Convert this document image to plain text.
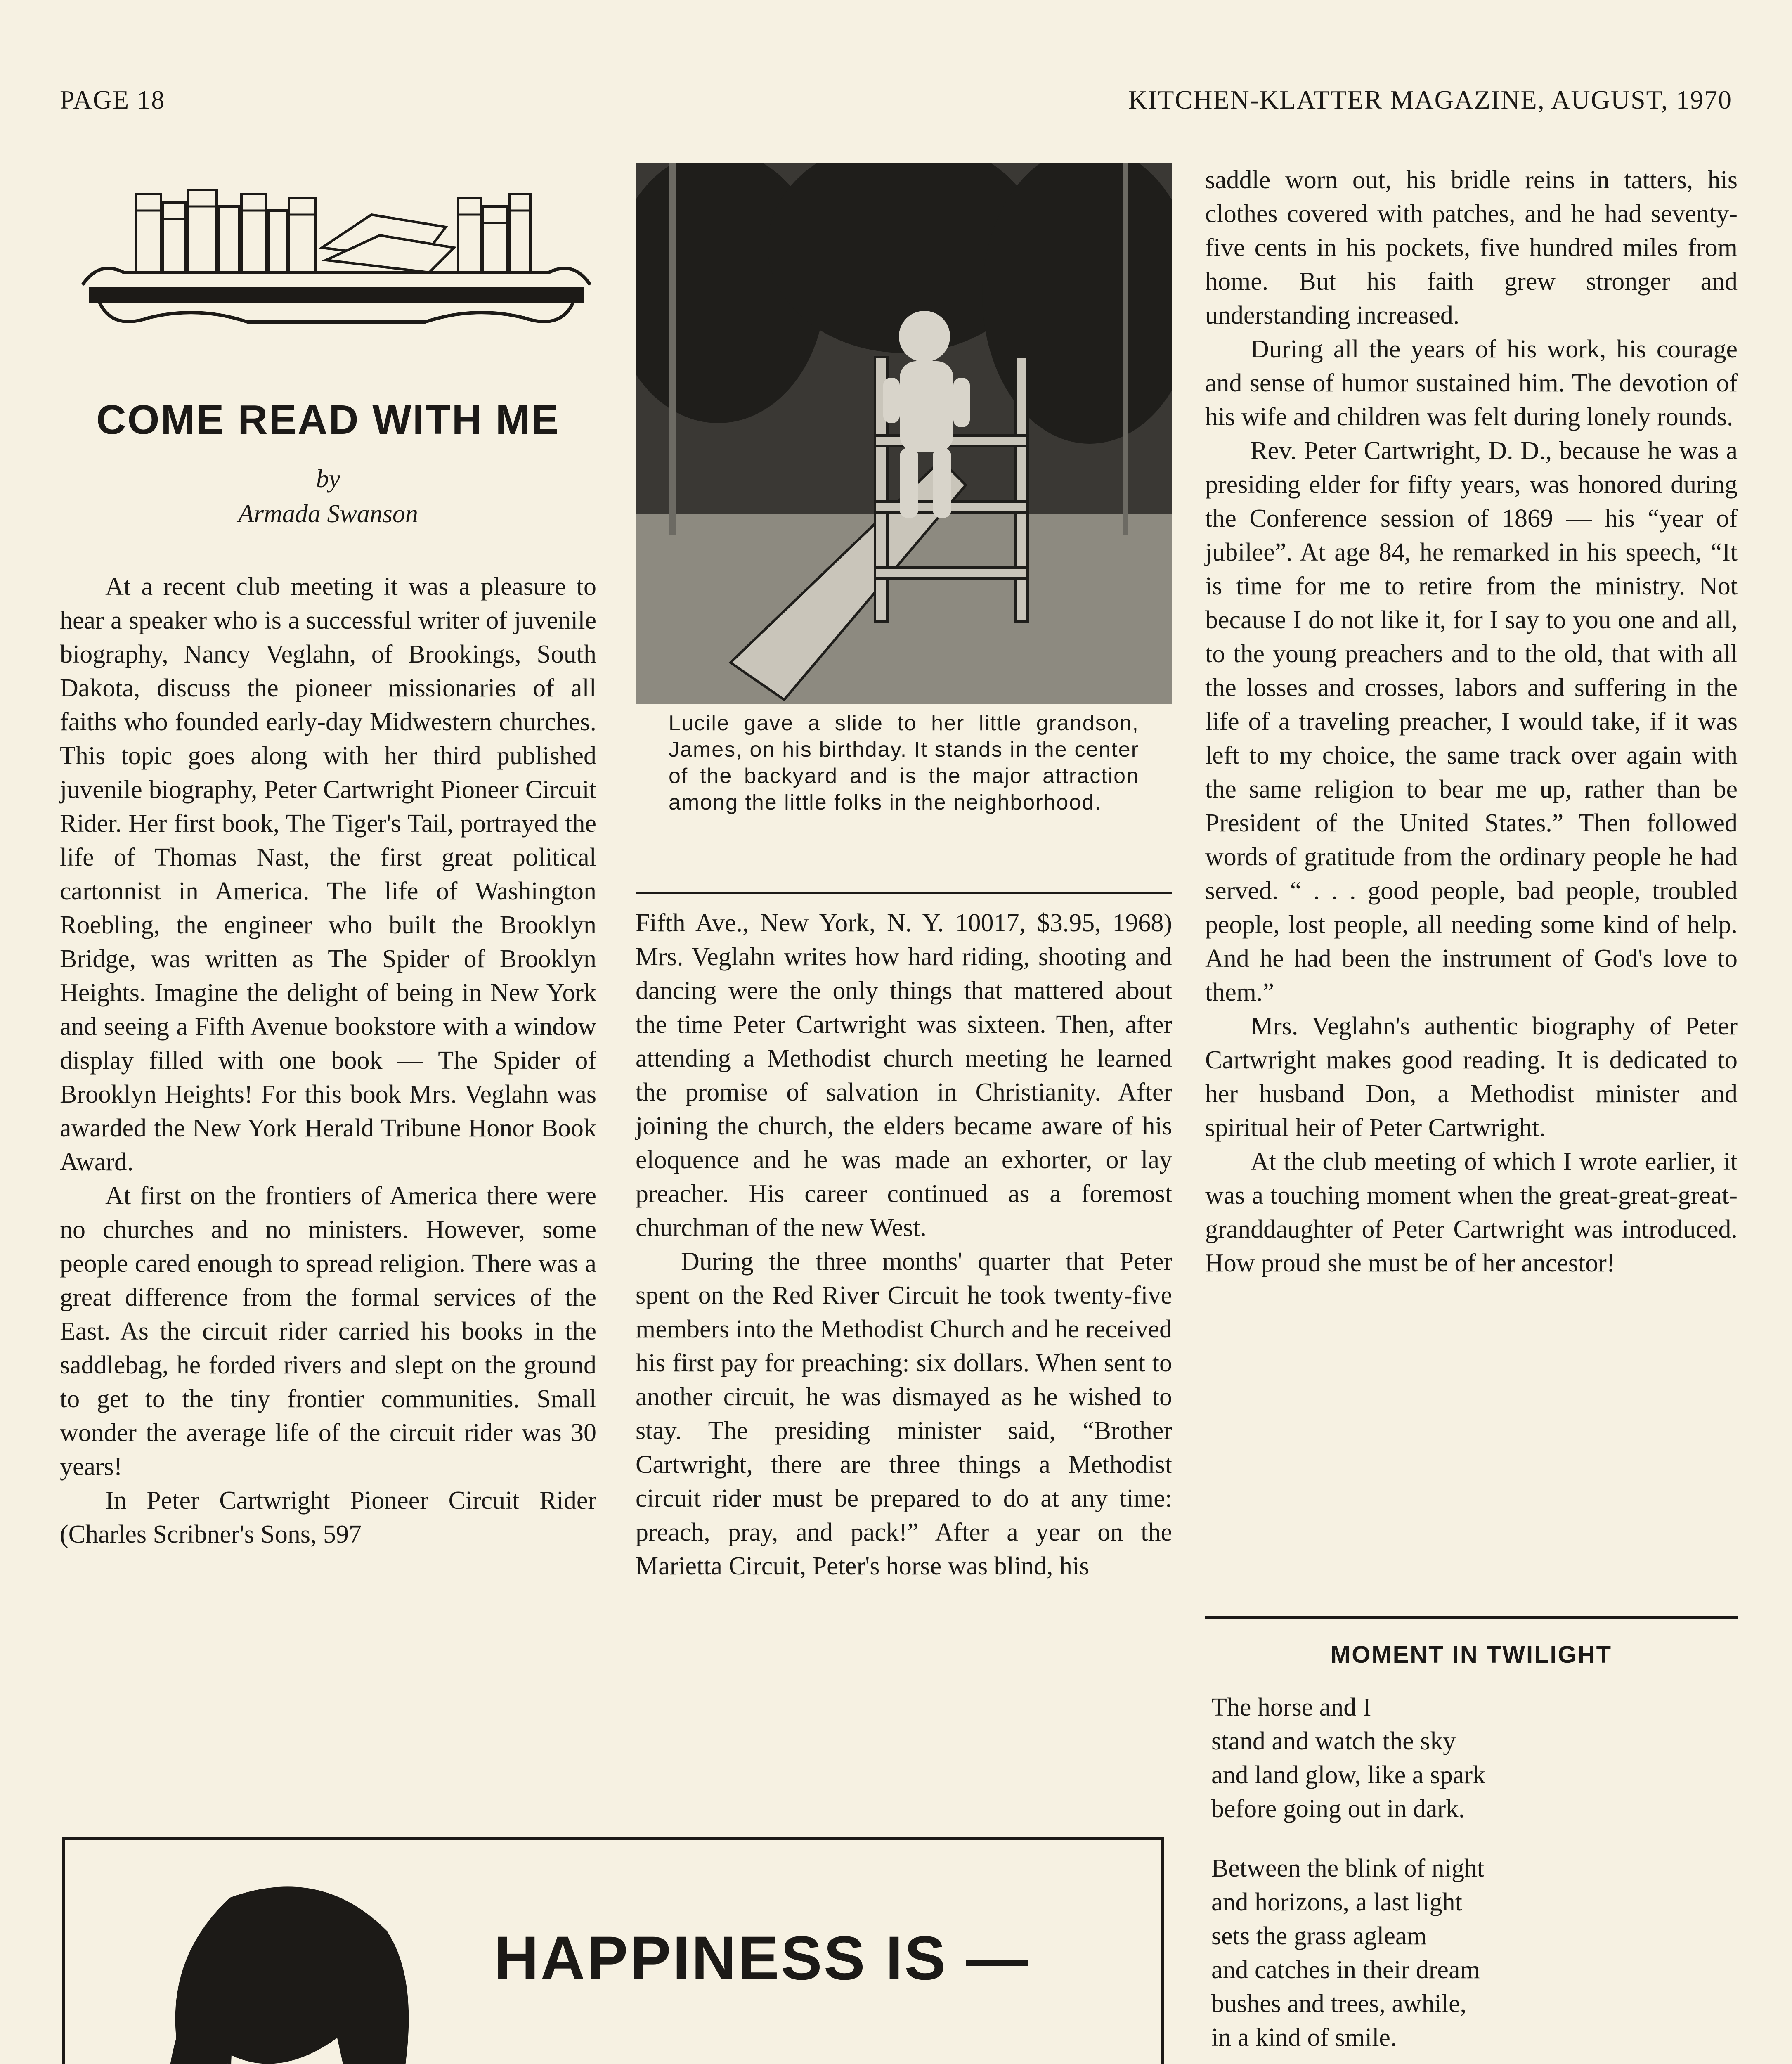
PAGE 18	KITCHEN-KLATTER MAGAZINE, AUGUST, 1970
COME READ WITH ME
by
Armada Swanson

At a recent club meeting it was a pleasure to hear a speaker who is a successful writer of juvenile biography, Nancy Veglahn, of Brookings, South Dakota, discuss the pioneer missionaries of all faiths who founded early-day Midwestern churches. This topic goes along with her third published juvenile biography, Peter Cartwright Pioneer Circuit Rider. Her first book, The Tiger's Tail, portrayed the life of Thomas Nast, the first great political cartonnist in America. The life of Washington Roebling, the engineer who built the Brooklyn Bridge, was written as The Spider of Brooklyn Heights. Imagine the delight of being in New York and seeing a Fifth Avenue bookstore with a window display filled with one book — The Spider of Brooklyn Heights! For this book Mrs. Veglahn was awarded the New York Herald Tribune Honor Book Award.

At first on the frontiers of America there were no churches and no ministers. However, some people cared enough to spread religion. There was a great difference from the formal services of the East. As the circuit rider carried his books in the saddlebag, he forded rivers and slept on the ground to get to the tiny frontier communities. Small wonder the average life of the circuit rider was 30 years!

In Peter Cartwright Pioneer Circuit Rider (Charles Scribner's Sons, 597

Lucile gave a slide to her little grandson, James, on his birthday. It stands in the center of the backyard and is the major attraction among the little folks in the neighborhood.

Fifth Ave., New York, N. Y. 10017, $3.95, 1968) Mrs. Veglahn writes how hard riding, shooting and dancing were the only things that mattered about the time Peter Cartwright was sixteen. Then, after attending a Methodist church meeting he learned the promise of salvation in Christianity. After joining the church, the elders became aware of his eloquence and he was made an exhorter, or lay preacher. His career continued as a foremost churchman of the new West.

During the three months' quarter that Peter spent on the Red River Circuit he took twenty-five members into the Methodist Church and he received his first pay for preaching: six dollars. When sent to another circuit, he was dismayed as he wished to stay. The presiding minister said, “Brother Cartwright, there are three things a Methodist circuit rider must be prepared to do at any time: preach, pray, and pack!” After a year on the Marietta Circuit, Peter's horse was blind, his

saddle worn out, his bridle reins in tatters, his clothes covered with patches, and he had seventy-five cents in his pockets, five hundred miles from home. But his faith grew stronger and understanding increased.

During all the years of his work, his courage and sense of humor sustained him. The devotion of his wife and children was felt during lonely rounds.

Rev. Peter Cartwright, D. D., because he was a presiding elder for fifty years, was honored during the Conference session of 1869 — his “year of jubilee”. At age 84, he remarked in his speech, “It is time for me to retire from the ministry. Not because I do not like it, for I say to you one and all, to the young preachers and to the old, that with all the losses and crosses, labors and suffering in the life of a traveling preacher, I would take, if it was left to my choice, the same track over again with the same religion to bear me up, rather than be President of the United States.” Then followed words of gratitude from the ordinary people he had served. “ . . . good people, bad people, troubled people, lost people, all needing some kind of help. And he had been the instrument of God's love to them.”

Mrs. Veglahn's authentic biography of Peter Cartwright makes good reading. It is dedicated to her husband Don, a Methodist minister and spiritual heir of Peter Cartwright.

At the club meeting of which I wrote earlier, it was a touching moment when the great-great-great-granddaughter of Peter Cartwright was introduced. How proud she must be of her ancestor!

MOMENT IN TWILIGHT
The horse and I
stand and watch the sky
and land glow, like a spark
before going out in dark.
Between the blink of night
and horizons, a last light
sets the grass agleam
and catches in their dream
bushes and trees, awhile,
in a kind of smile.
HAPPINESS IS —
